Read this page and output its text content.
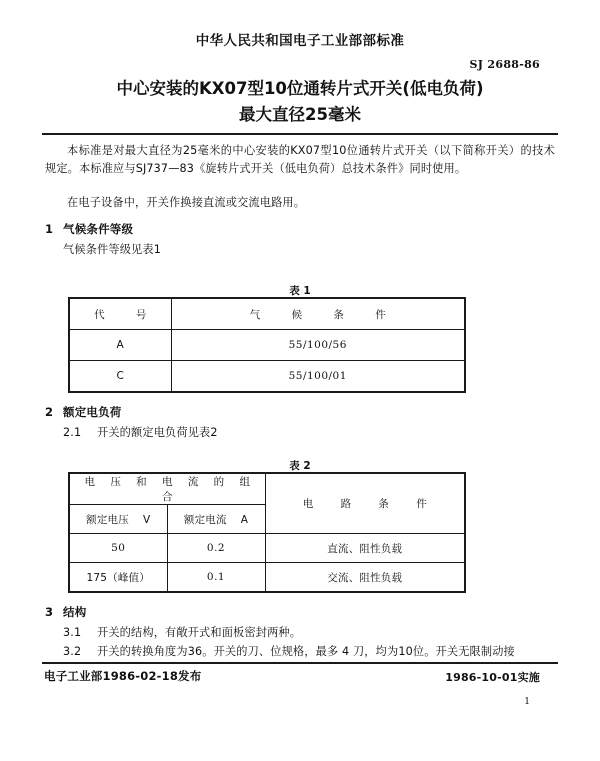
中华人民共和国电子工业部部标准
SJ 2688-86
中心安装的KX07型10位通转片式开关(低电负荷)
最大直径25毫米
本标准是对最大直径为25毫米的中心安装的KX07型10位通转片式开关（以下简称开关）的技术规定。本标准应与SJ737—83《旋转片式开关（低电负荷）总技术条件》同时使用。
在电子设备中，开关作换接直流或交流电路用。
1 气候条件等级
气候条件等级见表1
表 1
代 号	气 候 条 件
A	55/100/56
C	55/100/01
2 额定电负荷
2.1 开关的额定电负荷见表2
表 2
电 压 和 电 流 的 组 合		电 路 条 件
额定电压 V	额定电流 A	
50	0.2	直流、阻性负载
175（峰值）	0.1	交流、阻性负载
3 结构
3.1 开关的结构，有敞开式和面板密封两种。
3.2 开关的转换角度为36。开关的刀、位规格，最多 4 刀，均为10位。开关无限制动接
电子工业部1986-02-18发布	1986-10-01实施
1
